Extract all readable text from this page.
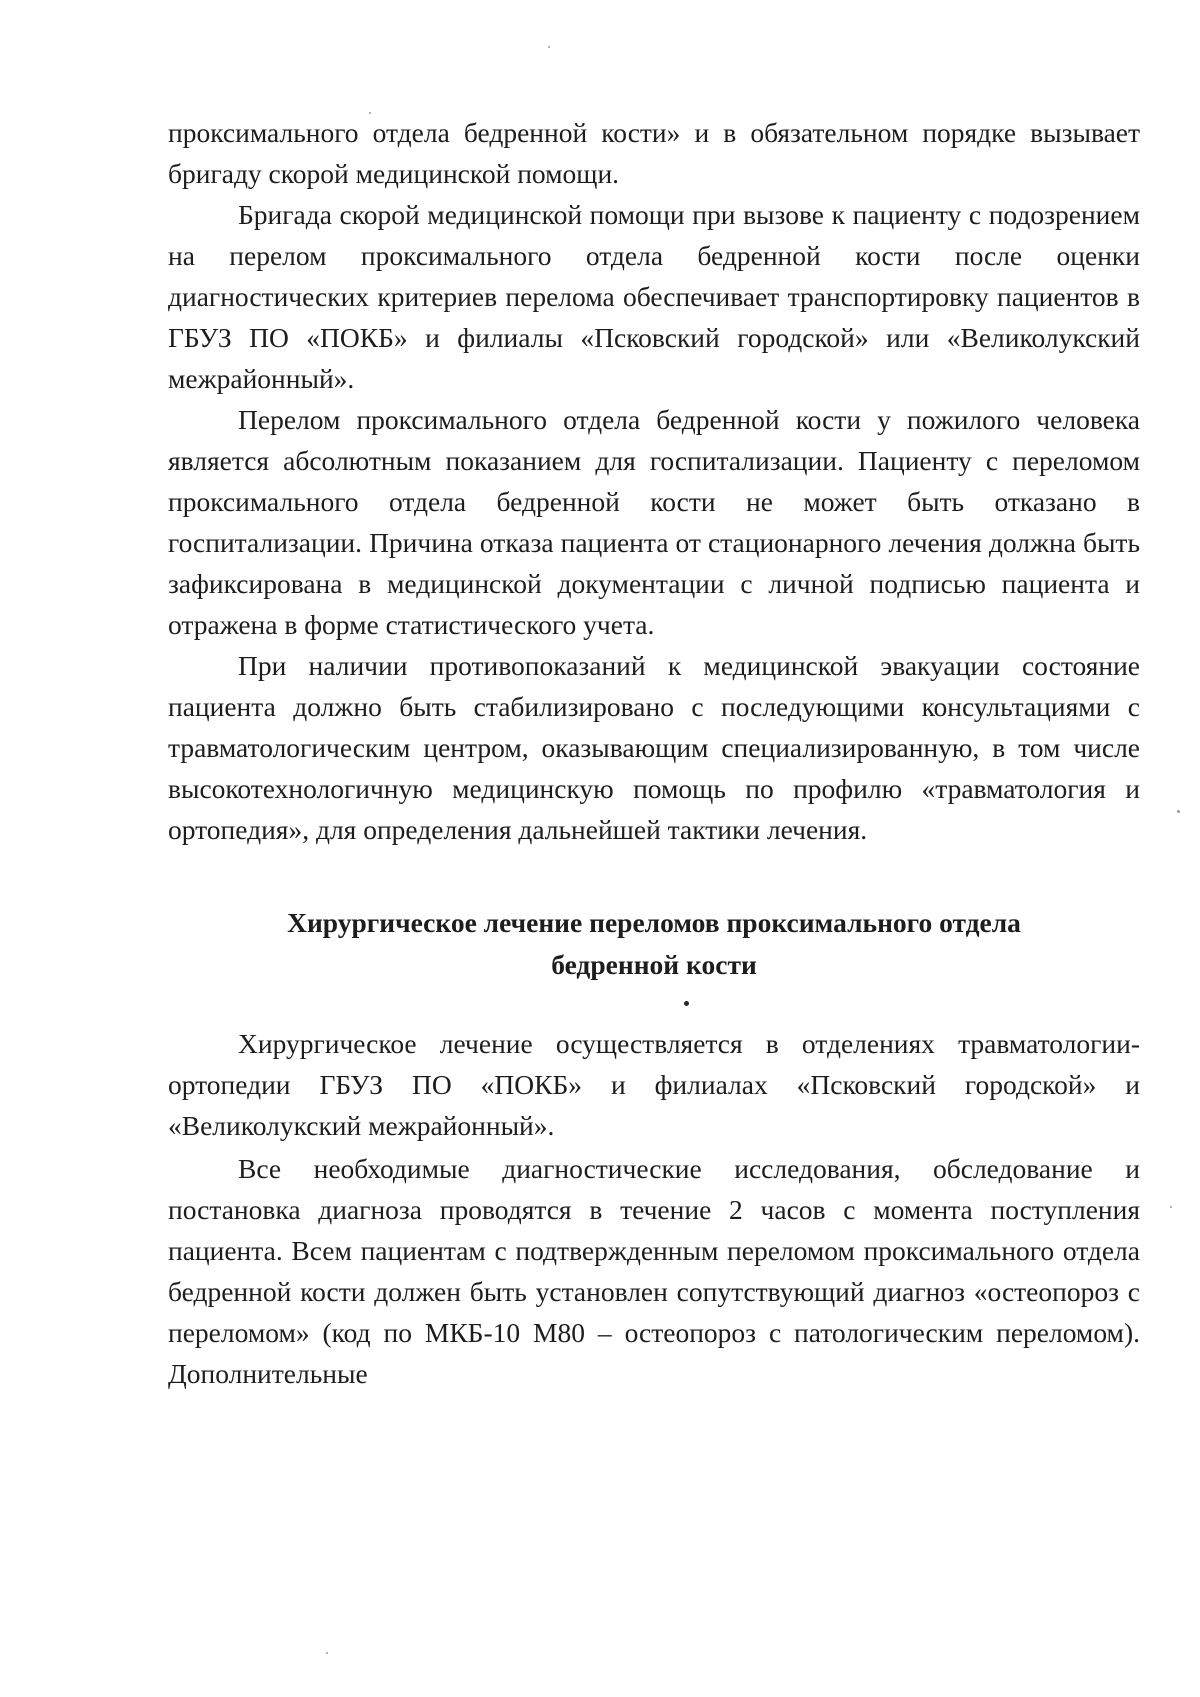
проксимального отдела бедренной кости» и в обязательном порядке вызывает бригаду скорой медицинской помощи.

Бригада скорой медицинской помощи при вызове к пациенту с подозрением на перелом проксимального отдела бедренной кости после оценки диагностических критериев перелома обеспечивает транспортировку пациентов в ГБУЗ ПО «ПОКБ» и филиалы «Псковский городской» или «Великолукский межрайонный».

Перелом проксимального отдела бедренной кости у пожилого человека является абсолютным показанием для госпитализации. Пациенту с переломом проксимального отдела бедренной кости не может быть отказано в госпитализации. Причина отказа пациента от стационарного лечения должна быть зафиксирована в медицинской документации с личной подписью пациента и отражена в форме статистического учета.

При наличии противопоказаний к медицинской эвакуации состояние пациента должно быть стабилизировано с последующими консультациями с травматологическим центром, оказывающим специализированную, в том числе высокотехнологичную медицинскую помощь по профилю «травматология и ортопедия», для определения дальнейшей тактики лечения.

Хирургическое лечение переломов проксимального отдела
бедренной кости

Хирургическое лечение осуществляется в отделениях травматологии-ортопедии ГБУЗ ПО «ПОКБ» и филиалах «Псковский городской» и «Великолукский межрайонный».

Все необходимые диагностические исследования, обследование и постановка диагноза проводятся в течение 2 часов с момента поступления пациента. Всем пациентам с подтвержденным переломом проксимального отдела бедренной кости должен быть установлен сопутствующий диагноз «остеопороз с переломом» (код по МКБ-10 М80 – остеопороз с патологическим переломом). Дополнительные
